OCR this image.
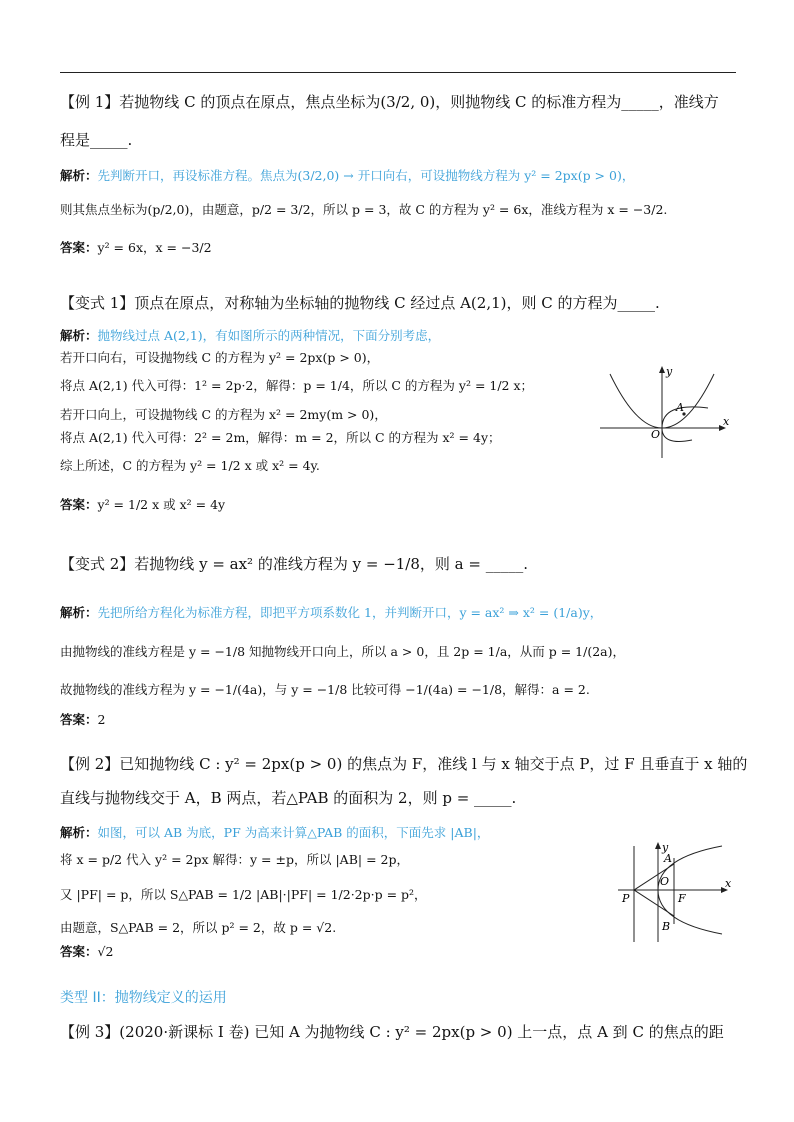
【例 1】若抛物线 C 的顶点在原点，焦点坐标为(3/2, 0)，则抛物线 C 的标准方程为_____，准线方
程是_____.
解析：先判断开口，再设标准方程。焦点为(3/2,0) → 开口向右，可设抛物线方程为 y² = 2px(p > 0)，
则其焦点坐标为(p/2,0)，由题意，p/2 = 3/2，所以 p = 3，故 C 的方程为 y² = 6x，准线方程为 x = −3/2.
答案：y² = 6x，x = −3/2
【变式 1】顶点在原点，对称轴为坐标轴的抛物线 C 经过点 A(2,1)，则 C 的方程为_____.
解析：抛物线过点 A(2,1)，有如图所示的两种情况，下面分别考虑，
若开口向右，可设抛物线 C 的方程为 y² = 2px(p > 0)，
将点 A(2,1) 代入可得：1² = 2p·2，解得：p = 1/4，所以 C 的方程为 y² = 1/2 x；
若开口向上，可设抛物线 C 的方程为 x² = 2my(m > 0)，
将点 A(2,1) 代入可得：2² = 2m，解得：m = 2，所以 C 的方程为 x² = 4y；
综上所述，C 的方程为 y² = 1/2 x 或 x² = 4y.
答案：y² = 1/2 x 或 x² = 4y
y
x
O
A
【变式 2】若抛物线 y = ax² 的准线方程为 y = −1/8，则 a = _____.
解析：先把所给方程化为标准方程，即把平方项系数化 1，并判断开口，y = ax² ⇒ x² = (1/a)y，
由抛物线的准线方程是 y = −1/8 知抛物线开口向上，所以 a > 0，且 2p = 1/a，从而 p = 1/(2a)，
故抛物线的准线方程为 y = −1/(4a)，与 y = −1/8 比较可得 −1/(4a) = −1/8，解得：a = 2.
答案：2
【例 2】已知抛物线 C : y² = 2px(p > 0) 的焦点为 F，准线 l 与 x 轴交于点 P，过 F 且垂直于 x 轴的
直线与抛物线交于 A，B 两点，若△PAB 的面积为 2，则 p = _____.
解析：如图，可以 AB 为底，PF 为高来计算△PAB 的面积，下面先求 |AB|，
将 x = p/2 代入 y² = 2px 解得：y = ±p，所以 |AB| = 2p，
又 |PF| = p，所以 S△PAB = 1/2 |AB|·|PF| = 1/2·2p·p = p²，
由题意，S△PAB = 2，所以 p² = 2，故 p = √2.
答案：√2
y
x
A
O
P	F
B
类型 II：抛物线定义的运用
【例 3】(2020·新课标 I 卷) 已知 A 为抛物线 C : y² = 2px(p > 0) 上一点，点 A 到 C 的焦点的距
